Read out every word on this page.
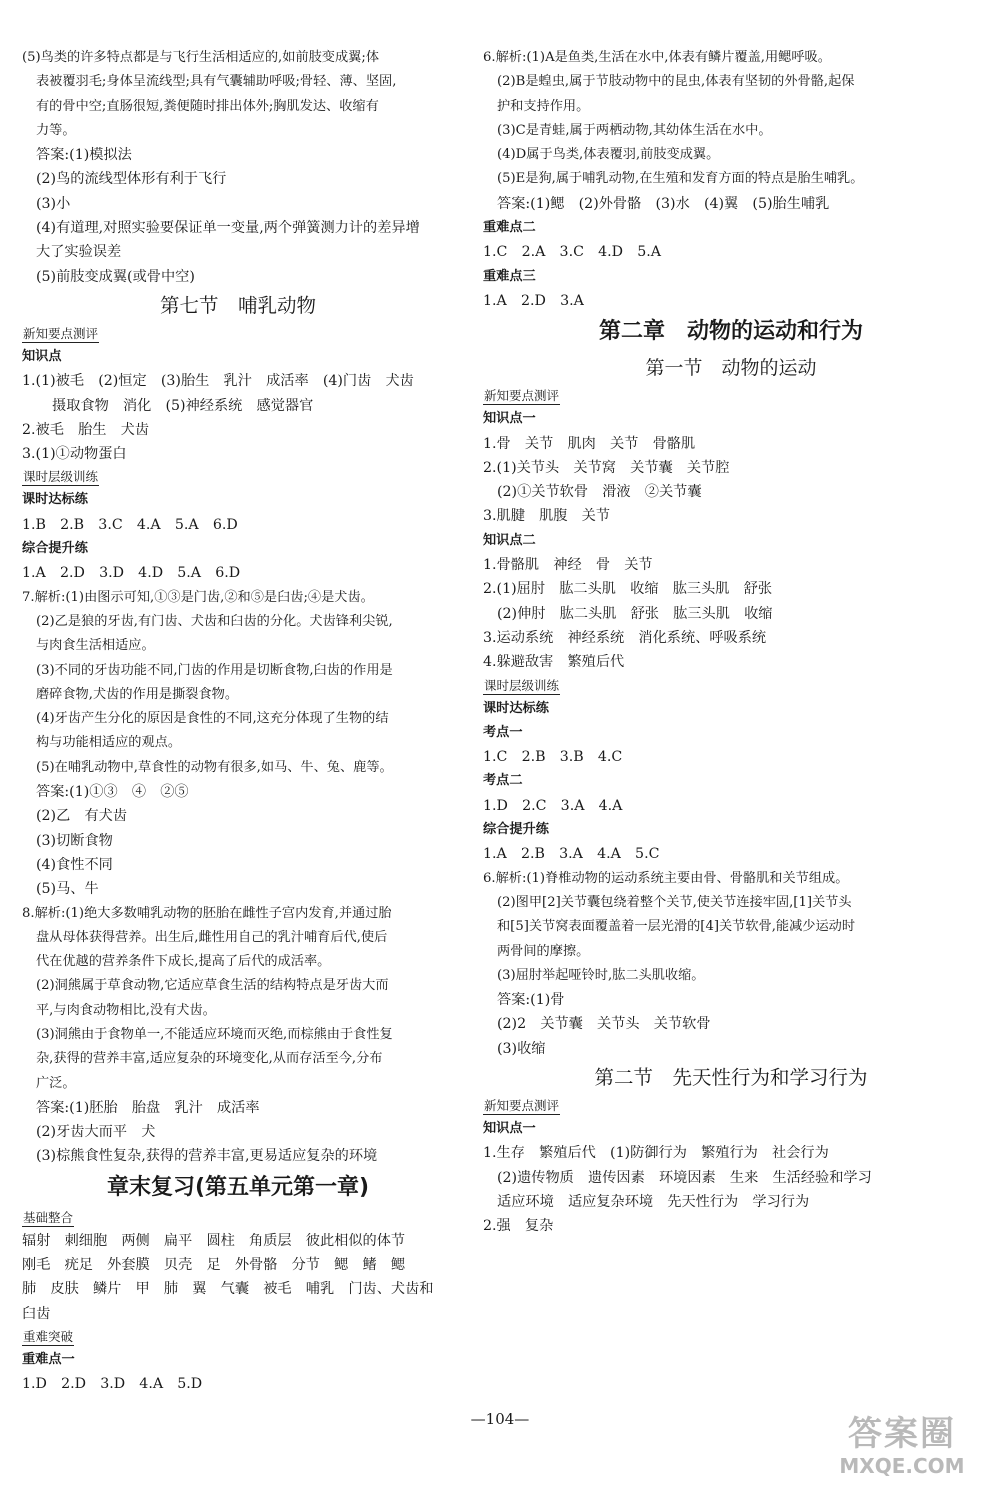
(5)鸟类的许多特点都是与飞行生活相适应的,如前肢变成翼;体
表被覆羽毛;身体呈流线型;具有气囊辅助呼吸;骨轻、薄、坚固,
有的骨中空;直肠很短,粪便随时排出体外;胸肌发达、收缩有
力等。
答案:(1)模拟法
(2)鸟的流线型体形有利于飞行
(3)小
(4)有道理,对照实验要保证单一变量,两个弹簧测力计的差异增
大了实验误差
(5)前肢变成翼(或骨中空)
第七节　哺乳动物
新知要点测评
知识点
1.(1)被毛　(2)恒定　(3)胎生　乳汁　成活率　(4)门齿　犬齿
摄取食物　消化　(5)神经系统　感觉器官
2.被毛　胎生　犬齿
3.(1)①动物蛋白
课时层级训练
课时达标练
1.B　2.B　3.C　4.A　5.A　6.D
综合提升练
1.A　2.D　3.D　4.D　5.A　6.D
7.解析:(1)由图示可知,①③是门齿,②和⑤是臼齿;④是犬齿。
(2)乙是狼的牙齿,有门齿、犬齿和臼齿的分化。犬齿锋利尖锐,
与肉食生活相适应。
(3)不同的牙齿功能不同,门齿的作用是切断食物,臼齿的作用是
磨碎食物,犬齿的作用是撕裂食物。
(4)牙齿产生分化的原因是食性的不同,这充分体现了生物的结
构与功能相适应的观点。
(5)在哺乳动物中,草食性的动物有很多,如马、牛、兔、鹿等。
答案:(1)①③　④　②⑤
(2)乙　有犬齿
(3)切断食物
(4)食性不同
(5)马、牛
8.解析:(1)绝大多数哺乳动物的胚胎在雌性子宫内发育,并通过胎
盘从母体获得营养。出生后,雌性用自己的乳汁哺育后代,使后
代在优越的营养条件下成长,提高了后代的成活率。
(2)洞熊属于草食动物,它适应草食生活的结构特点是牙齿大而
平,与肉食动物相比,没有犬齿。
(3)洞熊由于食物单一,不能适应环境而灭绝,而棕熊由于食性复
杂,获得的营养丰富,适应复杂的环境变化,从而存活至今,分布
广泛。
答案:(1)胚胎　胎盘　乳汁　成活率
(2)牙齿大而平　犬
(3)棕熊食性复杂,获得的营养丰富,更易适应复杂的环境
章末复习(第五单元第一章)
基础整合
辐射　刺细胞　两侧　扁平　圆柱　角质层　彼此相似的体节
刚毛　疣足　外套膜　贝壳　足　外骨骼　分节　鳃　鳍　鳃
肺　皮肤　鳞片　甲　肺　翼　气囊　被毛　哺乳　门齿、犬齿和
臼齿
重难突破
重难点一
1.D　2.D　3.D　4.A　5.D
6.解析:(1)A是鱼类,生活在水中,体表有鳞片覆盖,用鳃呼吸。
(2)B是蝗虫,属于节肢动物中的昆虫,体表有坚韧的外骨骼,起保
护和支持作用。
(3)C是青蛙,属于两栖动物,其幼体生活在水中。
(4)D属于鸟类,体表覆羽,前肢变成翼。
(5)E是狗,属于哺乳动物,在生殖和发育方面的特点是胎生哺乳。
答案:(1)鳃　(2)外骨骼　(3)水　(4)翼　(5)胎生哺乳
重难点二
1.C　2.A　3.C　4.D　5.A
重难点三
1.A　2.D　3.A
第二章　动物的运动和行为
第一节　动物的运动
新知要点测评
知识点一
1.骨　关节　肌肉　关节　骨骼肌
2.(1)关节头　关节窝　关节囊　关节腔
(2)①关节软骨　滑液　②关节囊
3.肌腱　肌腹　关节
知识点二
1.骨骼肌　神经　骨　关节
2.(1)屈肘　肱二头肌　收缩　肱三头肌　舒张
(2)伸肘　肱二头肌　舒张　肱三头肌　收缩
3.运动系统　神经系统　消化系统、呼吸系统
4.躲避敌害　繁殖后代
课时层级训练
课时达标练
考点一
1.C　2.B　3.B　4.C
考点二
1.D　2.C　3.A　4.A
综合提升练
1.A　2.B　3.A　4.A　5.C
6.解析:(1)脊椎动物的运动系统主要由骨、骨骼肌和关节组成。
(2)图甲[2]关节囊包绕着整个关节,使关节连接牢固,[1]关节头
和[5]关节窝表面覆盖着一层光滑的[4]关节软骨,能减少运动时
两骨间的摩擦。
(3)屈肘举起哑铃时,肱二头肌收缩。
答案:(1)骨
(2)2　关节囊　关节头　关节软骨
(3)收缩
第二节　先天性行为和学习行为
新知要点测评
知识点一
1.生存　繁殖后代　(1)防御行为　繁殖行为　社会行为
(2)遗传物质　遗传因素　环境因素　生来　生活经验和学习
适应环境　适应复杂环境　先天性行为　学习行为
2.强　复杂
—104—	答案圈
MXQE.COM
